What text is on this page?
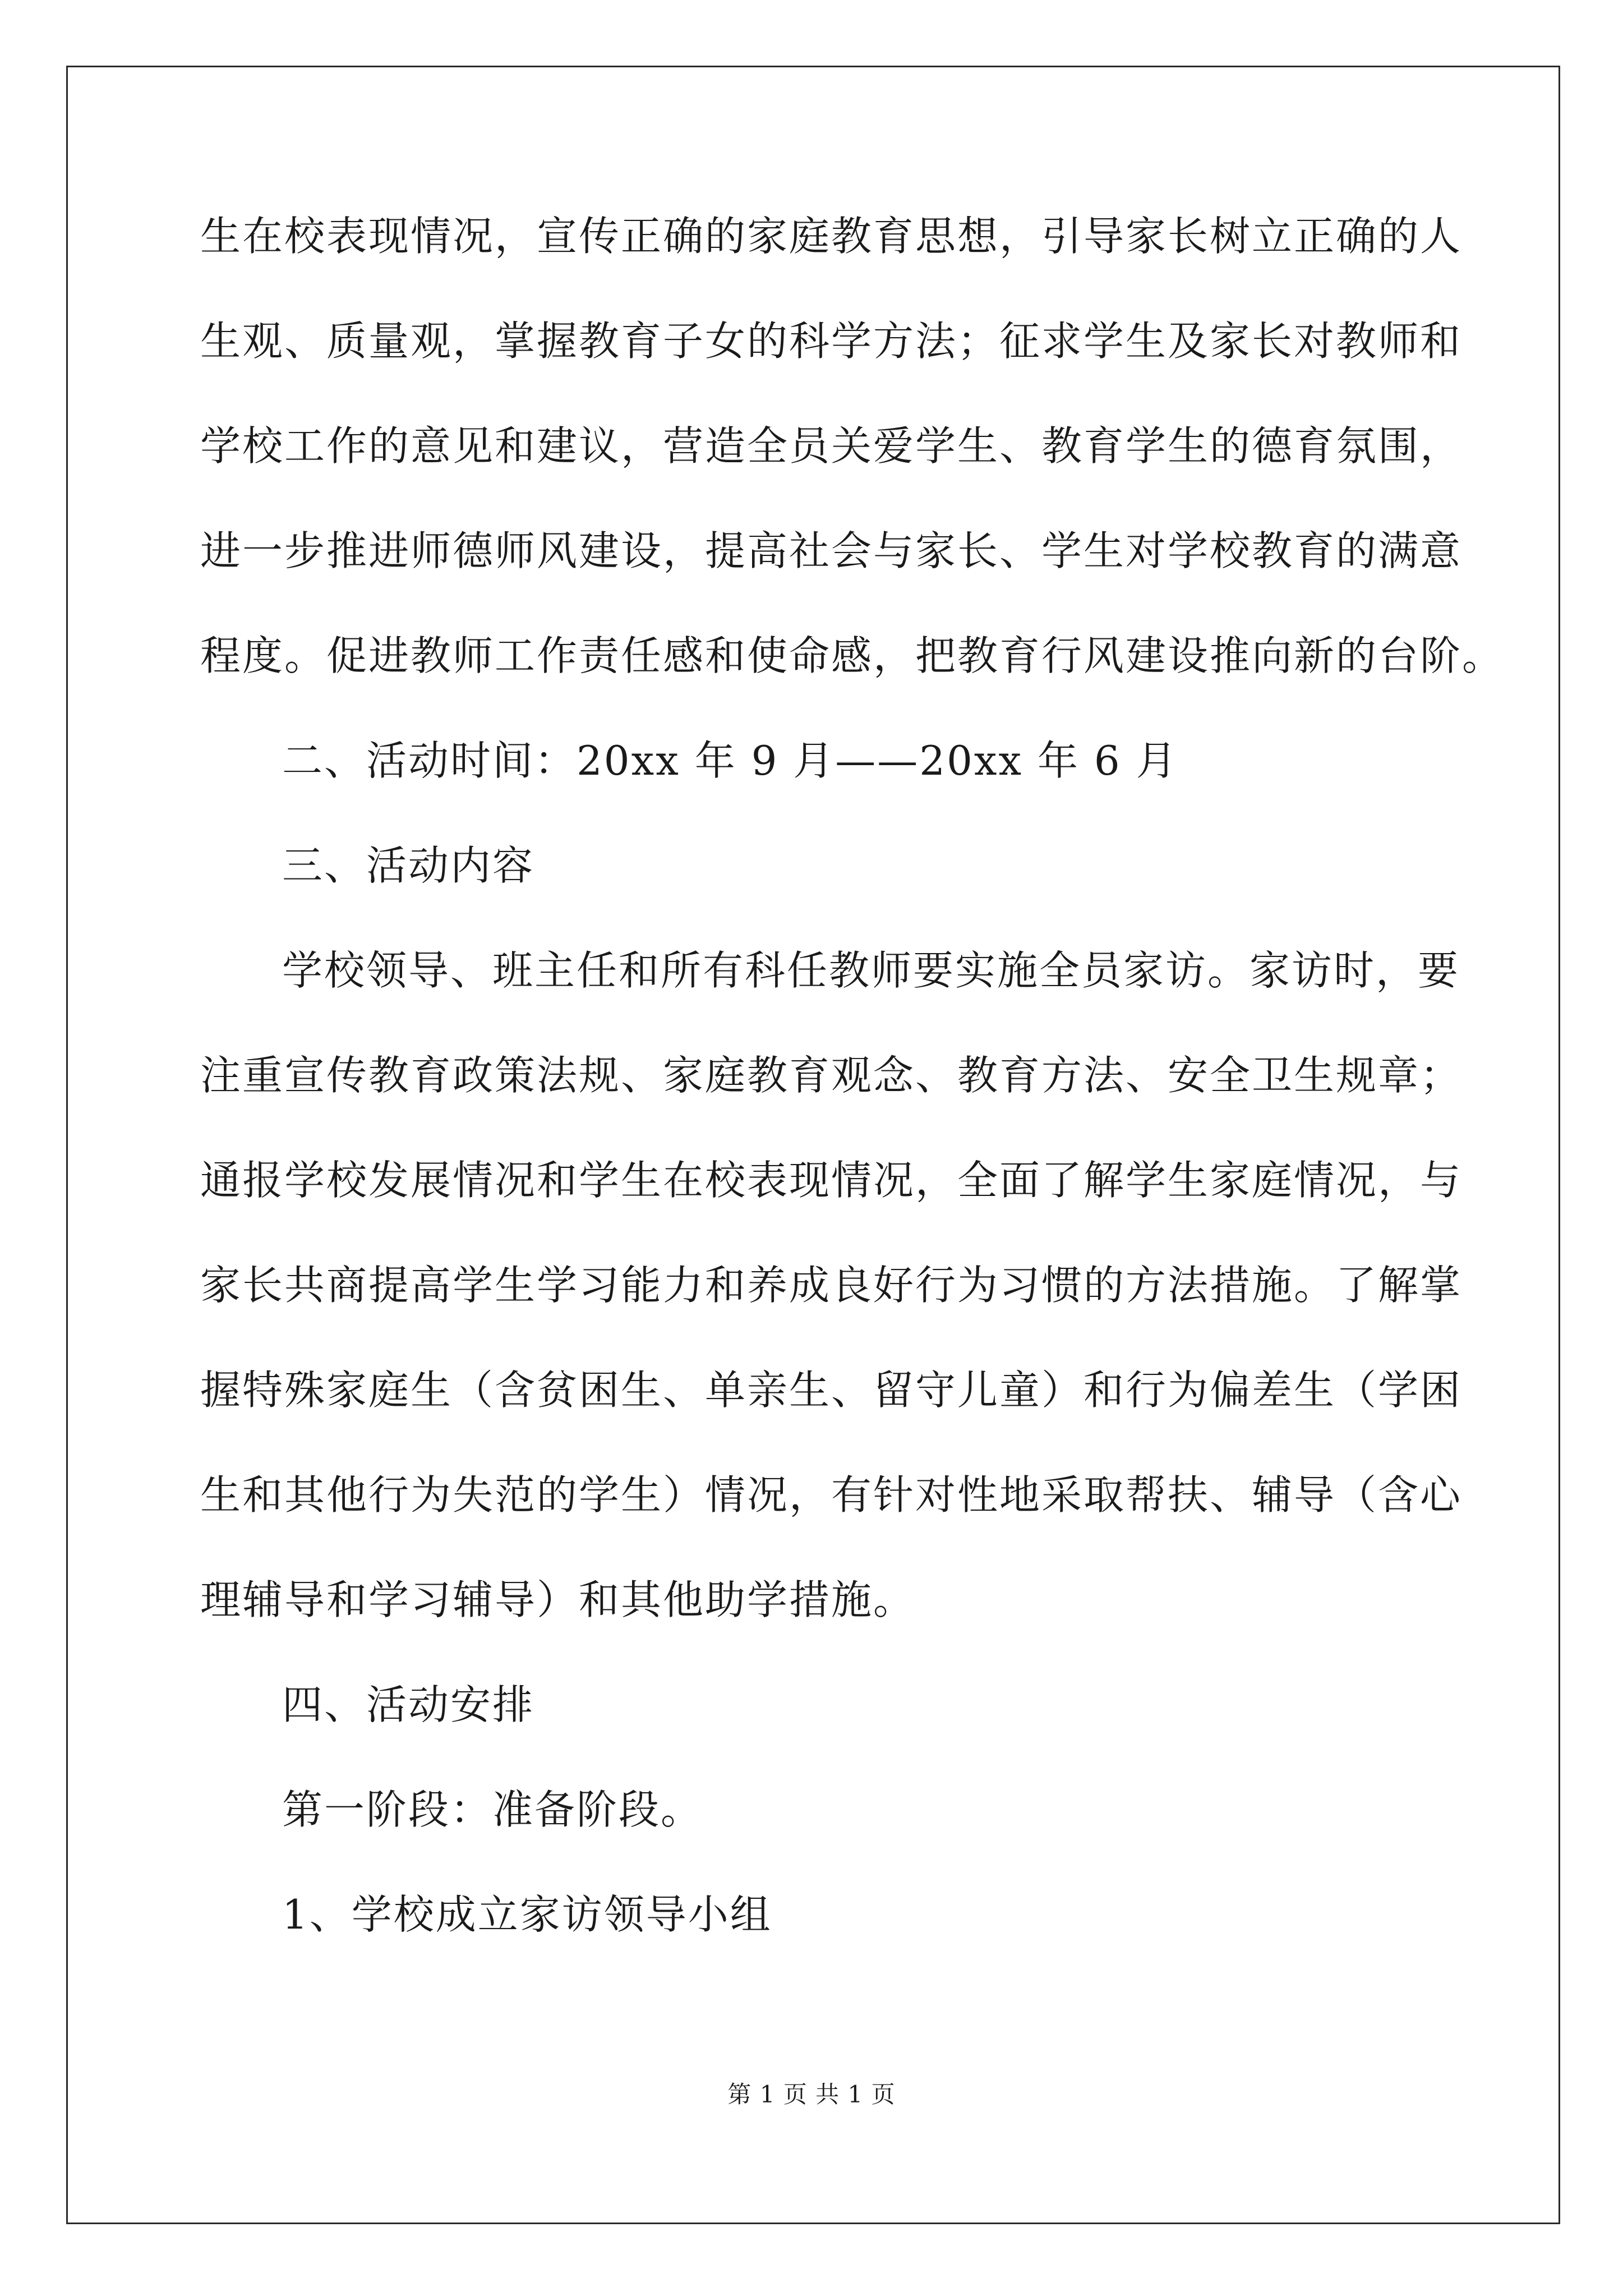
生在校表现情况，宣传正确的家庭教育思想，引导家长树立正确的人
生观、质量观，掌握教育子女的科学方法；征求学生及家长对教师和
学校工作的意见和建议，营造全员关爱学生、教育学生的德育氛围，
进一步推进师德师风建设，提高社会与家长、学生对学校教育的满意
程度。促进教师工作责任感和使命感，把教育行风建设推向新的台阶。
二、活动时间：20xx 年 9 月——20xx 年 6 月
三、活动内容
学校领导、班主任和所有科任教师要实施全员家访。家访时，要
注重宣传教育政策法规、家庭教育观念、教育方法、安全卫生规章；
通报学校发展情况和学生在校表现情况，全面了解学生家庭情况，与
家长共商提高学生学习能力和养成良好行为习惯的方法措施。了解掌
握特殊家庭生（含贫困生、单亲生、留守儿童）和行为偏差生（学困
生和其他行为失范的学生）情况，有针对性地采取帮扶、辅导（含心
理辅导和学习辅导）和其他助学措施。
四、活动安排
第一阶段：准备阶段。
1、学校成立家访领导小组
第 1 页 共 1 页
